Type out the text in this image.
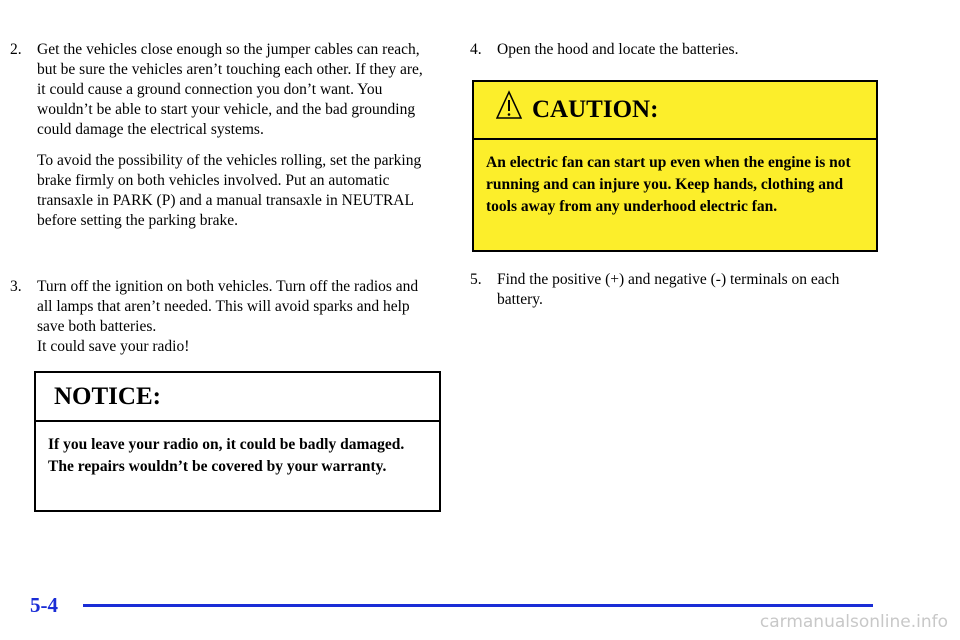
2. Get the vehicles close enough so the jumper cables can reach, but be sure the vehicles aren’t touching each other. If they are, it could cause a ground connection you don’t want. You wouldn’t be able to start your vehicle, and the bad grounding could damage the electrical systems.

To avoid the possibility of the vehicles rolling, set the parking brake firmly on both vehicles involved. Put an automatic transaxle in PARK (P) and a manual transaxle in NEUTRAL before setting the parking brake.

3. Turn off the ignition on both vehicles. Turn off the radios and all lamps that aren’t needed. This will avoid sparks and help save both batteries.

It could save your radio!

NOTICE:
If you leave your radio on, it could be badly damaged. The repairs wouldn’t be covered by your warranty.
4. Open the hood and locate the batteries.

5. Find the positive (+) and negative (-) terminals on each battery.

CAUTION:
An electric fan can start up even when the engine is not running and can injure you. Keep hands, clothing and tools away from any underhood electric fan.
5-4
carmanualsonline.info
